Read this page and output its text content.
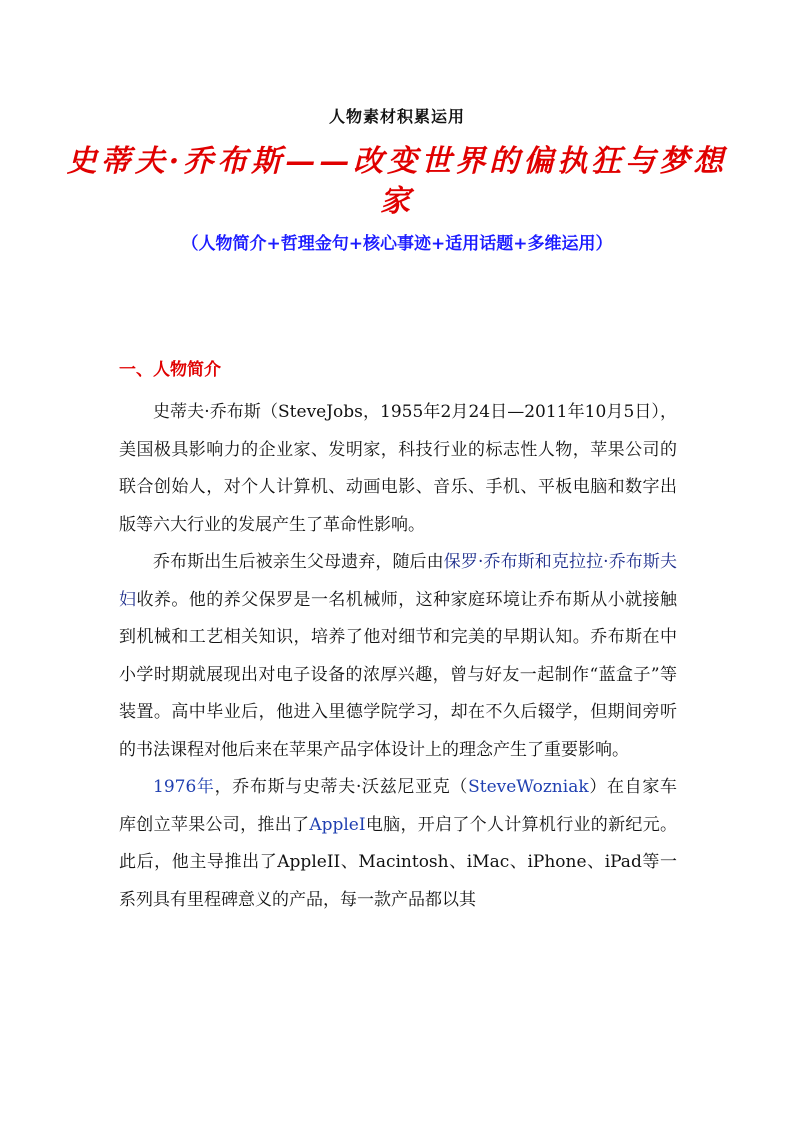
人物素材积累运用
史蒂夫·乔布斯——改变世界的偏执狂与梦想家
（人物简介+哲理金句+核心事迹+适用话题+多维运用）
一、人物简介

史蒂夫·乔布斯（SteveJobs，1955年2月24日—2011年10月5日），美国极具影响力的企业家、发明家，科技行业的标志性人物，苹果公司的联合创始人，对个人计算机、动画电影、音乐、手机、平板电脑和数字出版等六大行业的发展产生了革命性影响。

乔布斯出生后被亲生父母遗弃，随后由保罗·乔布斯和克拉拉·乔布斯夫妇收养。他的养父保罗是一名机械师，这种家庭环境让乔布斯从小就接触到机械和工艺相关知识，培养了他对细节和完美的早期认知。乔布斯在中小学时期就展现出对电子设备的浓厚兴趣，曾与好友一起制作“蓝盒子”等装置。高中毕业后，他进入里德学院学习，却在不久后辍学，但期间旁听的书法课程对他后来在苹果产品字体设计上的理念产生了重要影响。

1976年，乔布斯与史蒂夫·沃兹尼亚克（SteveWozniak）在自家车库创立苹果公司，推出了AppleI电脑，开启了个人计算机行业的新纪元。此后，他主导推出了AppleII、Macintosh、iMac、iPhone、iPad等一系列具有里程碑意义的产品，每一款产品都以其
